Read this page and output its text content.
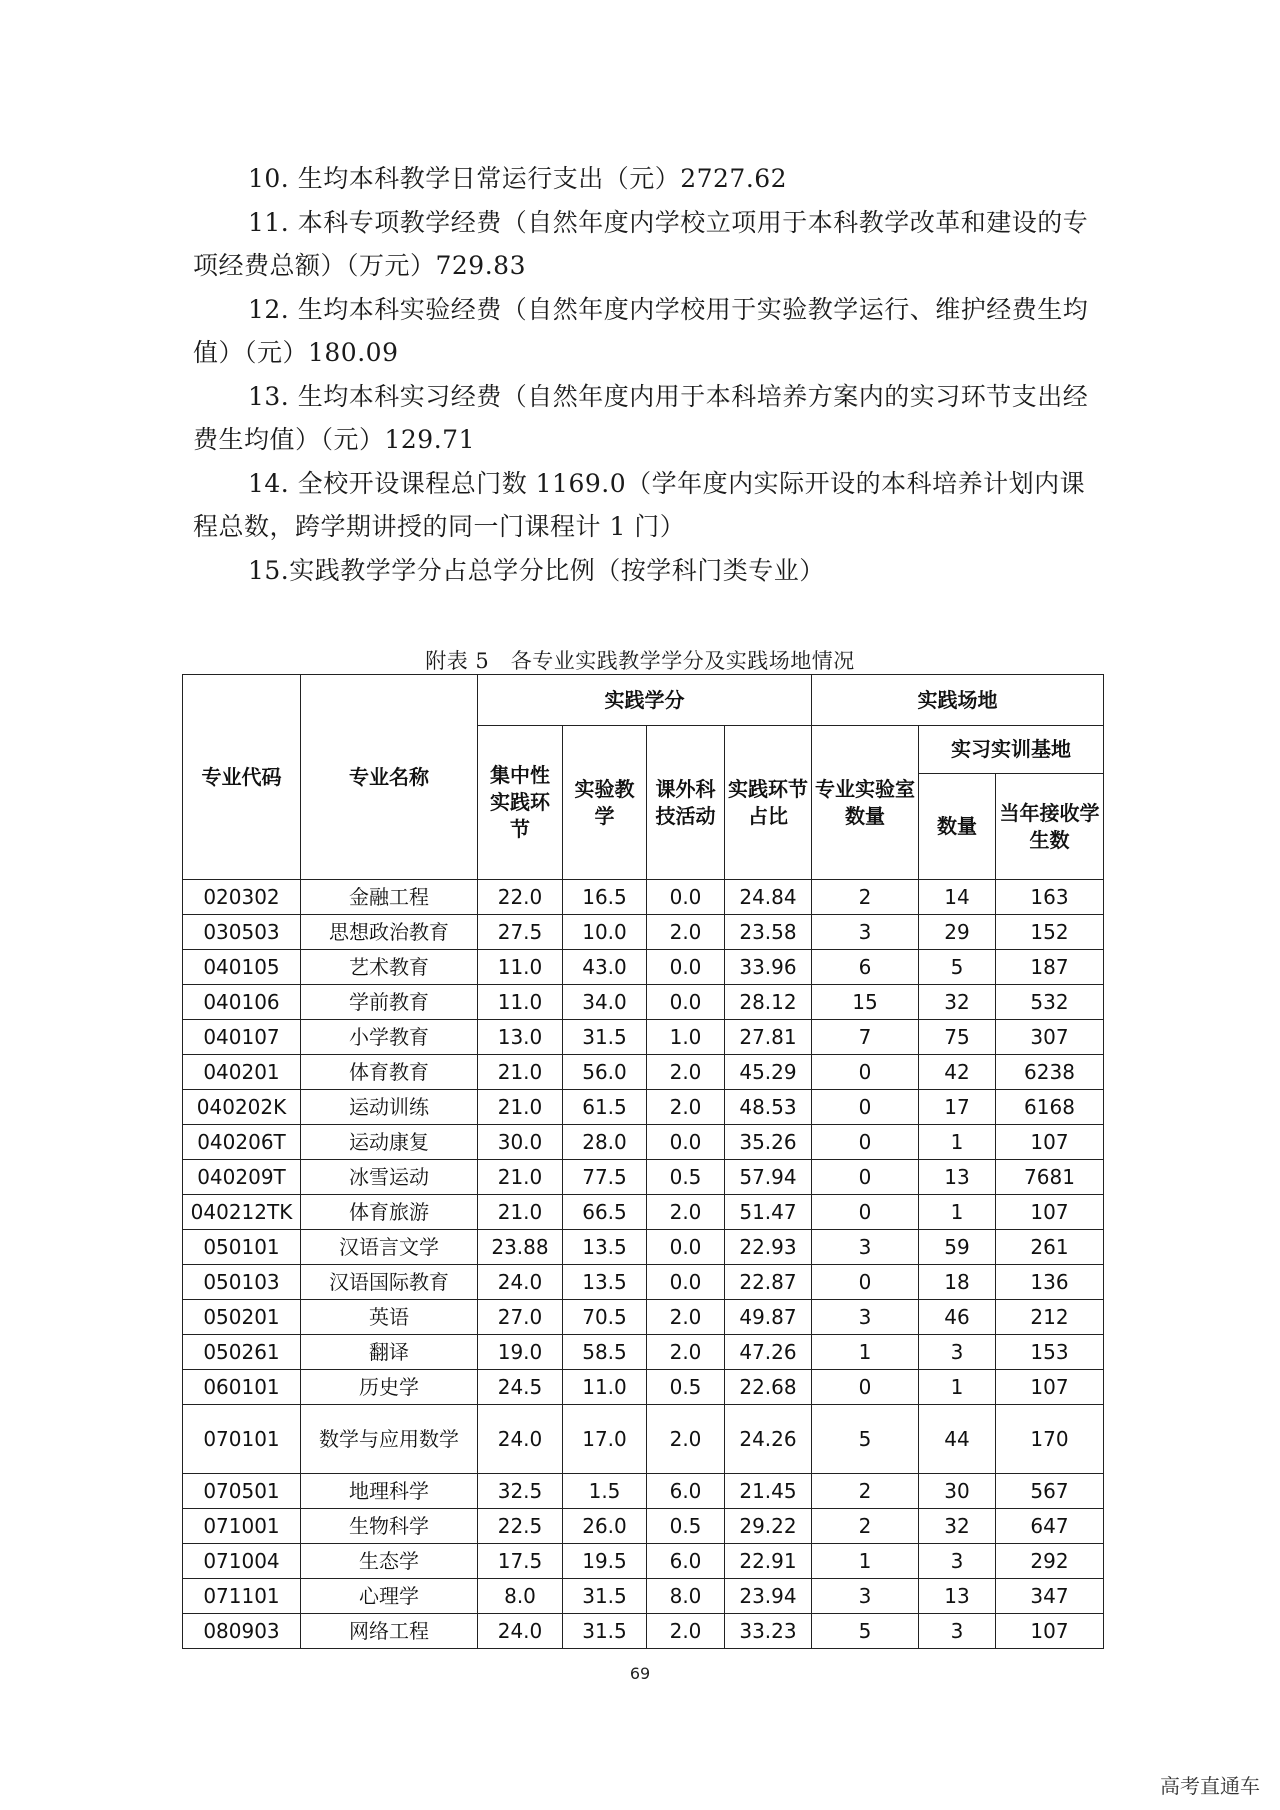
10. 生均本科教学日常运行支出（元）2727.62

11. 本科专项教学经费（自然年度内学校立项用于本科教学改革和建设的专项经费总额）（万元）729.83

12. 生均本科实验经费（自然年度内学校用于实验教学运行、维护经费生均值）（元）180.09

13. 生均本科实习经费（自然年度内用于本科培养方案内的实习环节支出经费生均值）（元）129.71

14. 全校开设课程总门数 1169.0（学年度内实际开设的本科培养计划内课程总数，跨学期讲授的同一门课程计 1 门）

15.实践教学学分占总学分比例（按学科门类专业）

附表 5　各专业实践教学学分及实践场地情况
专业代码	专业名称	实践学分				实践场地		
		集中性实践环节	实验教学	课外科技活动	实践环节占比	专业实验室数量	实习实训基地	
							数量	当年接收学生数
020302	金融工程	22.0	16.5	0.0	24.84	2	14	163
030503	思想政治教育	27.5	10.0	2.0	23.58	3	29	152
040105	艺术教育	11.0	43.0	0.0	33.96	6	5	187
040106	学前教育	11.0	34.0	0.0	28.12	15	32	532
040107	小学教育	13.0	31.5	1.0	27.81	7	75	307
040201	体育教育	21.0	56.0	2.0	45.29	0	42	6238
040202K	运动训练	21.0	61.5	2.0	48.53	0	17	6168
040206T	运动康复	30.0	28.0	0.0	35.26	0	1	107
040209T	冰雪运动	21.0	77.5	0.5	57.94	0	13	7681
040212TK	体育旅游	21.0	66.5	2.0	51.47	0	1	107
050101	汉语言文学	23.88	13.5	0.0	22.93	3	59	261
050103	汉语国际教育	24.0	13.5	0.0	22.87	0	18	136
050201	英语	27.0	70.5	2.0	49.87	3	46	212
050261	翻译	19.0	58.5	2.0	47.26	1	3	153
060101	历史学	24.5	11.0	0.5	22.68	0	1	107
070101	数学与应用数学	24.0	17.0	2.0	24.26	5	44	170
070501	地理科学	32.5	1.5	6.0	21.45	2	30	567
071001	生物科学	22.5	26.0	0.5	29.22	2	32	647
071004	生态学	17.5	19.5	6.0	22.91	1	3	292
071101	心理学	8.0	31.5	8.0	23.94	3	13	347
080903	网络工程	24.0	31.5	2.0	33.23	5	3	107
69
高考直通车
